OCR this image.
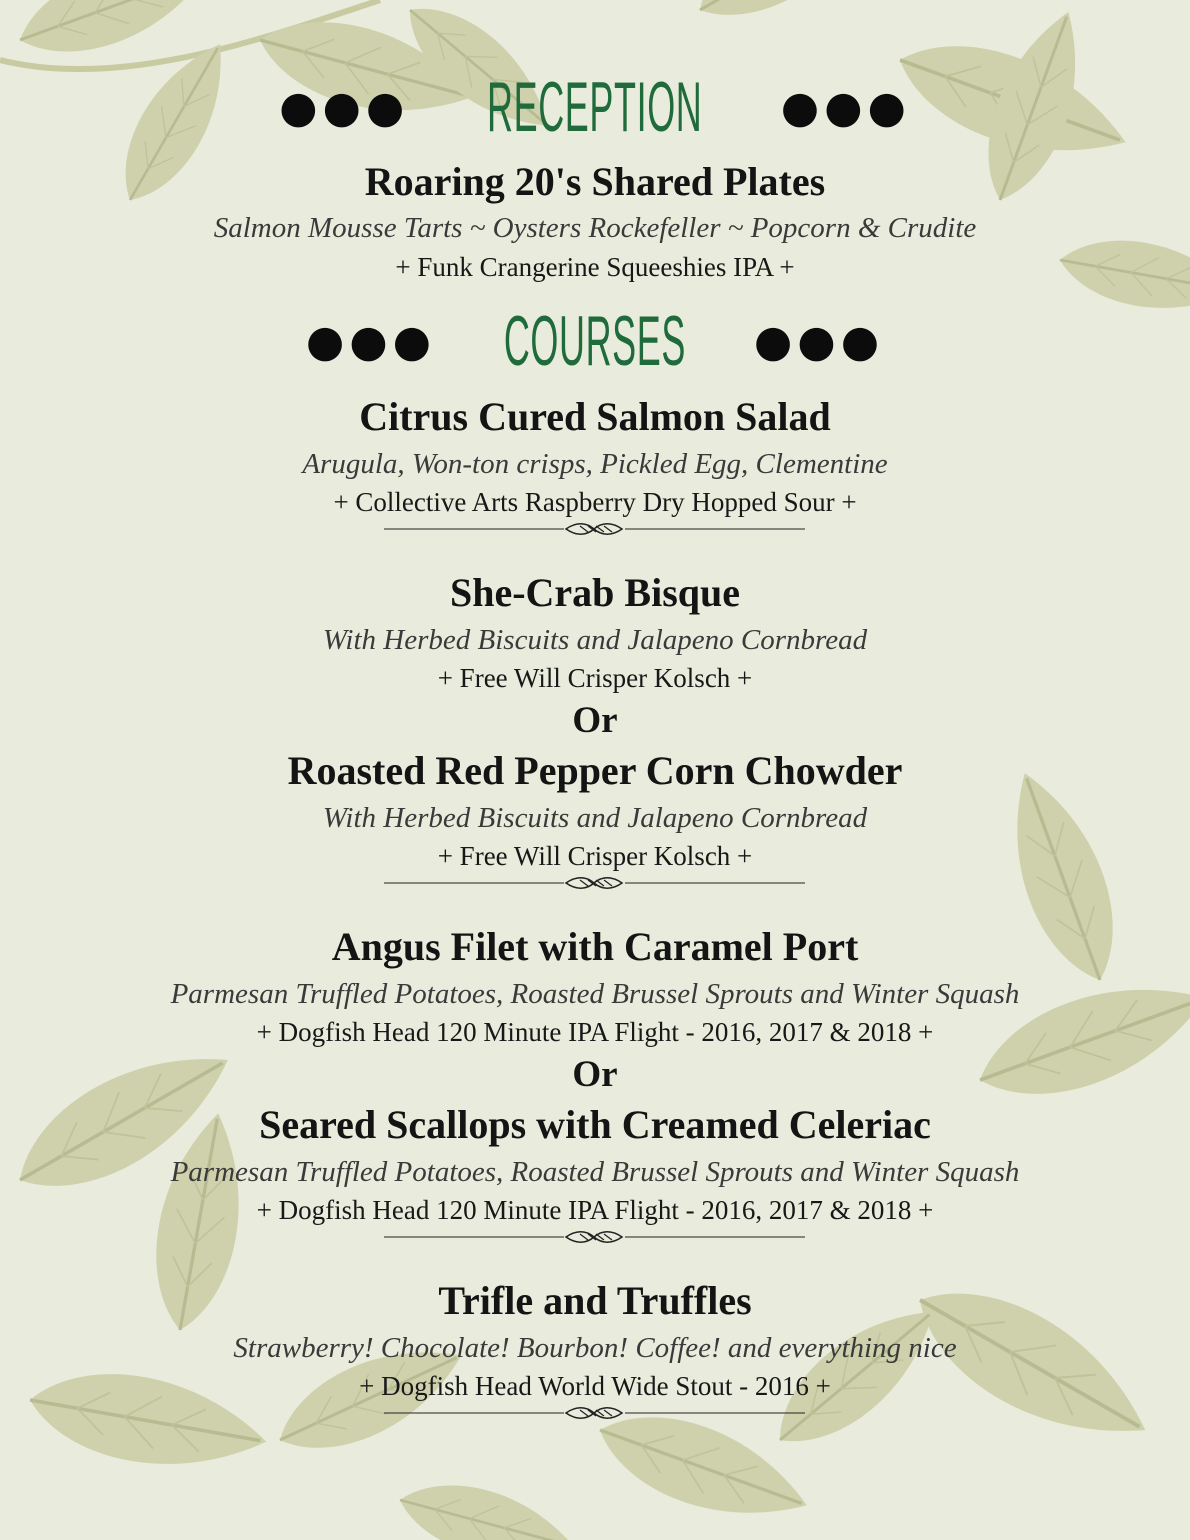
●●● RECEPTION ●●●
Roaring 20's Shared Plates
Salmon Mousse Tarts ~ Oysters Rockefeller ~ Popcorn & Crudite
+ Funk Crangerine Squeeshies IPA +
●●● COURSES ●●●
Citrus Cured Salmon Salad
Arugula, Won-ton crisps, Pickled Egg, Clementine
+ Collective Arts Raspberry Dry Hopped Sour +
She-Crab Bisque
With Herbed Biscuits and Jalapeno Cornbread
+ Free Will Crisper Kolsch +
Or
Roasted Red Pepper Corn Chowder
With Herbed Biscuits and Jalapeno Cornbread
+ Free Will Crisper Kolsch +
Angus Filet with Caramel Port
Parmesan Truffled Potatoes, Roasted Brussel Sprouts and Winter Squash
+ Dogfish Head 120 Minute IPA Flight - 2016, 2017 & 2018 +
Or
Seared Scallops with Creamed Celeriac
Parmesan Truffled Potatoes, Roasted Brussel Sprouts and Winter Squash
+ Dogfish Head 120 Minute IPA Flight - 2016, 2017 & 2018 +
Trifle and Truffles
Strawberry! Chocolate! Bourbon! Coffee! and everything nice
+ Dogfish Head World Wide Stout - 2016 +
